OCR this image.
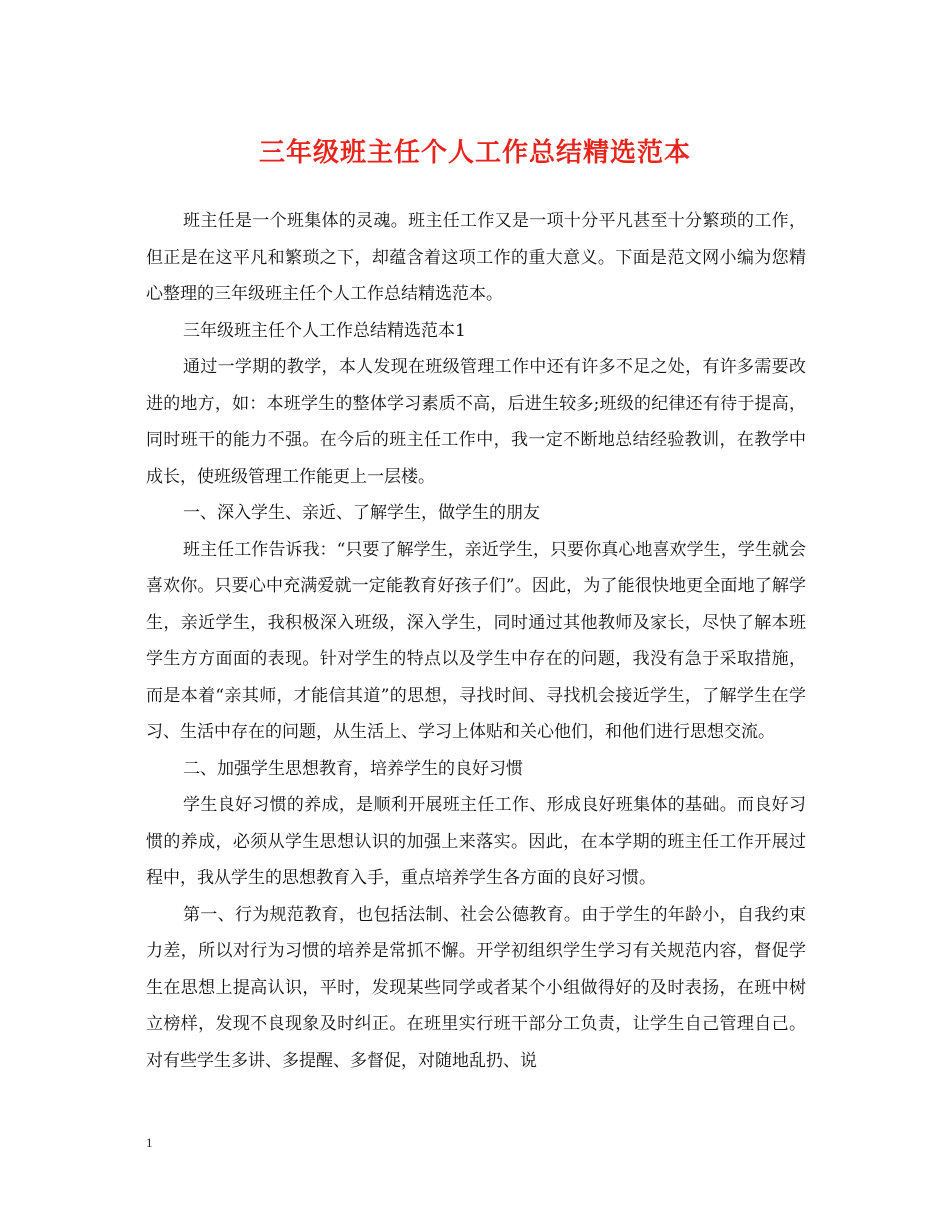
三年级班主任个人工作总结精选范本

班主任是一个班集体的灵魂。班主任工作又是一项十分平凡甚至十分繁琐的工作，但正是在这平凡和繁琐之下，却蕴含着这项工作的重大意义。下面是范文网小编为您精心整理的三年级班主任个人工作总结精选范本。

三年级班主任个人工作总结精选范本1

通过一学期的教学，本人发现在班级管理工作中还有许多不足之处，有许多需要改进的地方，如：本班学生的整体学习素质不高，后进生较多;班级的纪律还有待于提高，同时班干的能力不强。在今后的班主任工作中，我一定不断地总结经验教训，在教学中成长，使班级管理工作能更上一层楼。

一、深入学生、亲近、了解学生，做学生的朋友

班主任工作告诉我：“只要了解学生，亲近学生，只要你真心地喜欢学生，学生就会喜欢你。只要心中充满爱就一定能教育好孩子们”。因此，为了能很快地更全面地了解学生，亲近学生，我积极深入班级，深入学生，同时通过其他教师及家长，尽快了解本班学生方方面面的表现。针对学生的特点以及学生中存在的问题，我没有急于采取措施，而是本着“亲其师，才能信其道”的思想，寻找时间、寻找机会接近学生，了解学生在学习、生活中存在的问题，从生活上、学习上体贴和关心他们，和他们进行思想交流。

二、加强学生思想教育，培养学生的良好习惯

学生良好习惯的养成，是顺利开展班主任工作、形成良好班集体的基础。而良好习惯的养成，必须从学生思想认识的加强上来落实。因此，在本学期的班主任工作开展过程中，我从学生的思想教育入手，重点培养学生各方面的良好习惯。

第一、行为规范教育，也包括法制、社会公德教育。由于学生的年龄小，自我约束力差，所以对行为习惯的培养是常抓不懈。开学初组织学生学习有关规范内容，督促学生在思想上提高认识，平时，发现某些同学或者某个小组做得好的及时表扬，在班中树立榜样，发现不良现象及时纠正。在班里实行班干部分工负责，让学生自己管理自己。对有些学生多讲、多提醒、多督促，对随地乱扔、说

1
